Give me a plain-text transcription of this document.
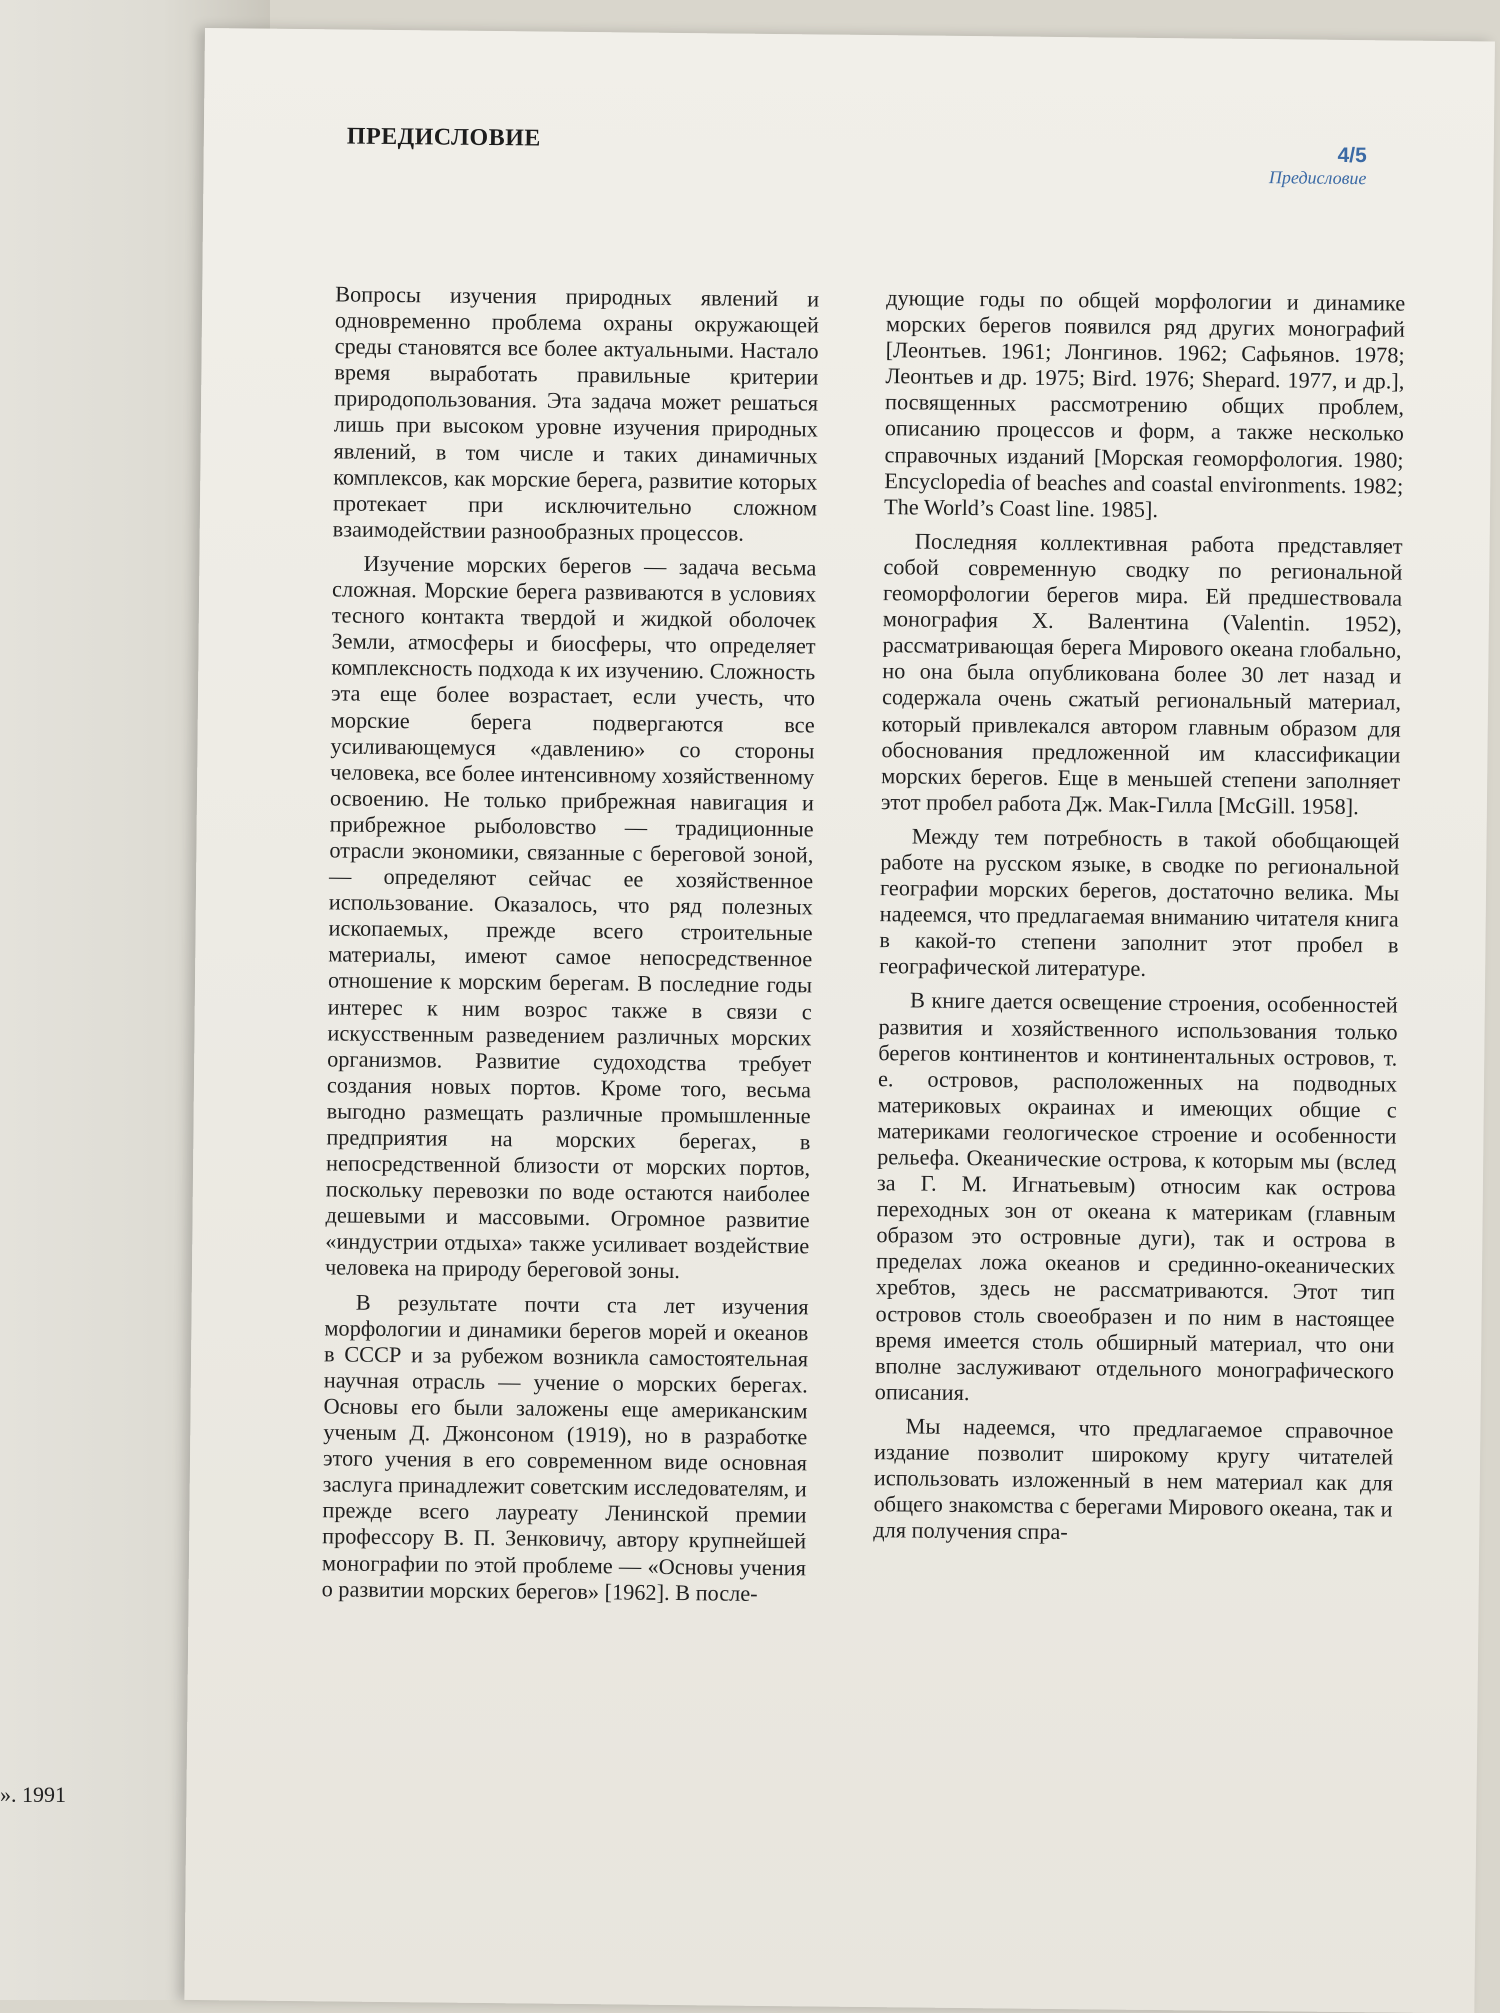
». 1991
ПРЕДИСЛОВИЕ
4/5
Предисловие

Вопросы изучения природных явлений и одновременно проблема охраны окружающей среды становятся все более актуальными. Настало время выработать правильные критерии природопользования. Эта задача может решаться лишь при высоком уровне изучения природных явлений, в том числе и таких динамичных комплексов, как морские берега, развитие которых протекает при исключительно сложном взаимодействии разнообразных процессов.

Изучение морских берегов — задача весьма сложная. Морские берега развиваются в условиях тесного контакта твердой и жидкой оболочек Земли, атмосферы и биосферы, что определяет комплексность подхода к их изучению. Сложность эта еще более возрастает, если учесть, что морские берега подвергаются все усиливающемуся «давлению» со стороны человека, все более интенсивному хозяйственному освоению. Не только прибрежная навигация и прибрежное рыболовство — традиционные отрасли экономики, связанные с береговой зоной, — определяют сейчас ее хозяйственное использование. Оказалось, что ряд полезных ископаемых, прежде всего строительные материалы, имеют самое непосредственное отношение к морским берегам. В последние годы интерес к ним возрос также в связи с искусственным разведением различных морских организмов. Развитие судоходства требует создания новых портов. Кроме того, весьма выгодно размещать различные промышленные предприятия на морских берегах, в непосредственной близости от морских портов, поскольку перевозки по воде остаются наиболее дешевыми и массовыми. Огромное развитие «индустрии отдыха» также усиливает воздействие человека на природу береговой зоны.

В результате почти ста лет изучения морфологии и динамики берегов морей и океанов в СССР и за рубежом возникла самостоятельная научная отрасль — учение о морских берегах. Основы его были заложены еще американским ученым Д. Джонсоном (1919), но в разработке этого учения в его современном виде основная заслуга принадлежит советским исследователям, и прежде всего лауреату Ленинской премии профессору В. П. Зенковичу, автору крупнейшей монографии по этой проблеме — «Основы учения о развитии морских берегов» [1962]. В после-

дующие годы по общей морфологии и динамике морских берегов появился ряд других монографий [Леонтьев. 1961; Лонгинов. 1962; Сафьянов. 1978; Леонтьев и др. 1975; Bird. 1976; Shepard. 1977, и др.], посвященных рассмотрению общих проблем, описанию процессов и форм, а также несколько справочных изданий [Морская геоморфология. 1980; Encyclopedia of beaches and coastal environments. 1982; The World’s Coast line. 1985].

Последняя коллективная работа представляет собой современную сводку по региональной геоморфологии берегов мира. Ей предшествовала монография X. Валентина (Valentin. 1952), рассматривающая берега Мирового океана глобально, но она была опубликована более 30 лет назад и содержала очень сжатый региональный материал, который привлекался автором главным образом для обоснования предложенной им классификации морских берегов. Еще в меньшей степени заполняет этот пробел работа Дж. Мак-Гилла [McGill. 1958].

Между тем потребность в такой обобщающей работе на русском языке, в сводке по региональной географии морских берегов, достаточно велика. Мы надеемся, что предлагаемая вниманию читателя книга в какой-то степени заполнит этот пробел в географической литературе.

В книге дается освещение строения, особенностей развития и хозяйственного использования только берегов континентов и континентальных островов, т. е. островов, расположенных на подводных материковых окраинах и имеющих общие с материками геологическое строение и особенности рельефа. Океанические острова, к которым мы (вслед за Г. М. Игнатьевым) относим как острова переходных зон от океана к материкам (главным образом это островные дуги), так и острова в пределах ложа океанов и срединно-океанических хребтов, здесь не рассматриваются. Этот тип островов столь своеобразен и по ним в настоящее время имеется столь обширный материал, что они вполне заслуживают отдельного монографического описания.

Мы надеемся, что предлагаемое справочное издание позволит широкому кругу читателей использовать изложенный в нем материал как для общего знакомства с берегами Мирового океана, так и для получения спра-
